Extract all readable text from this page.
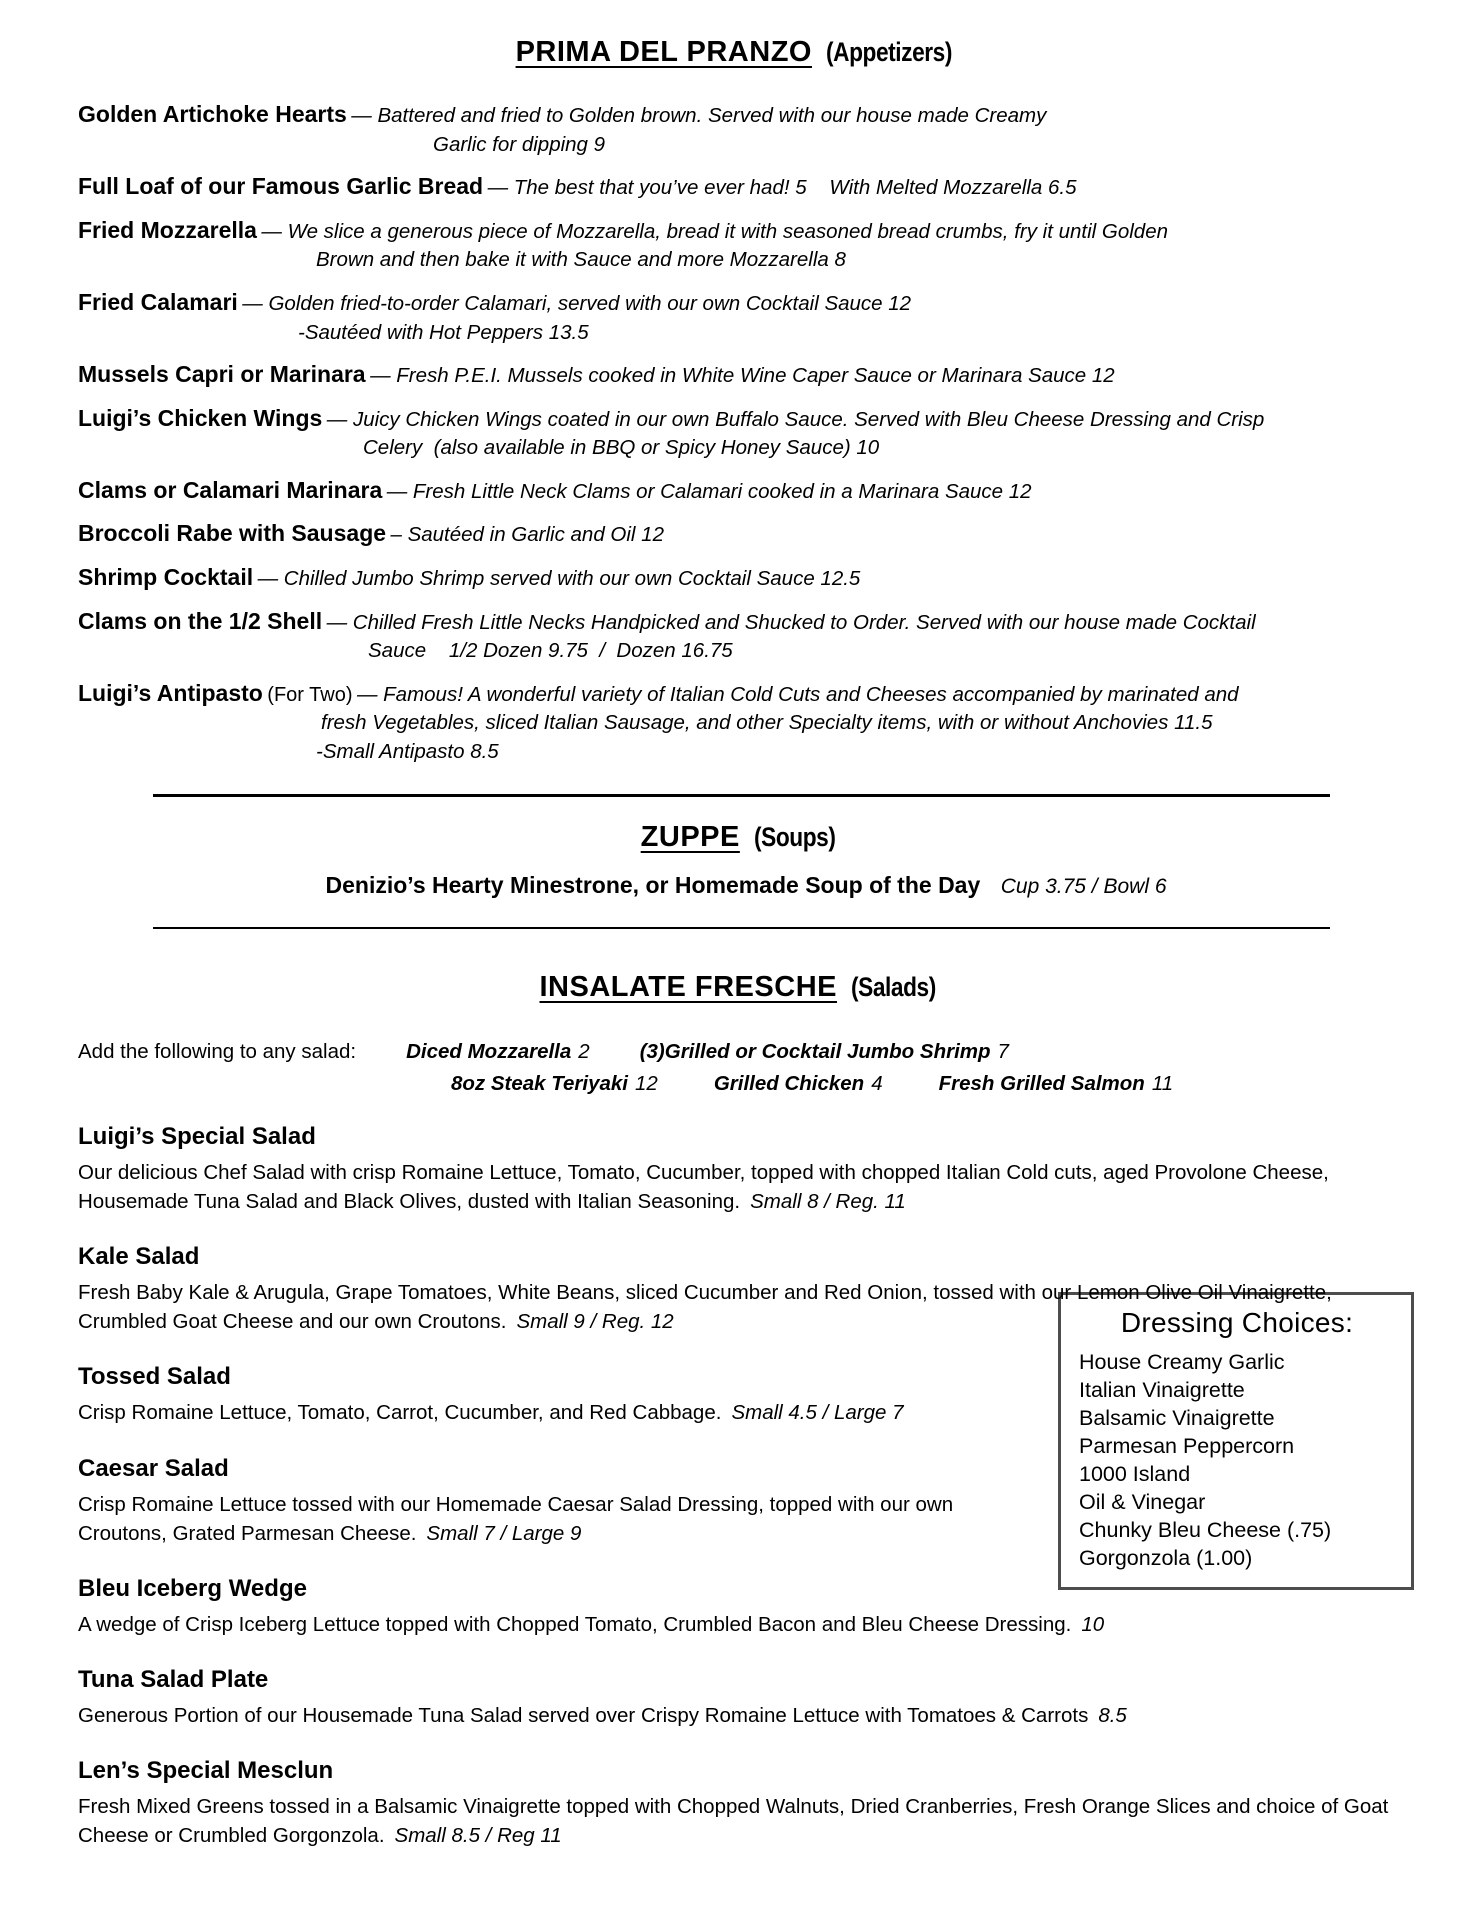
PRIMA DEL PRANZO (Appetizers)
Golden Artichoke Hearts — Battered and fried to Golden brown. Served with our house made Creamy
Garlic for dipping 9
Full Loaf of our Famous Garlic Bread — The best that you’ve ever had! 5    With Melted Mozzarella 6.5
Fried Mozzarella — We slice a generous piece of Mozzarella, bread it with seasoned bread crumbs, fry it until Golden
Brown and then bake it with Sauce and more Mozzarella 8
Fried Calamari — Golden fried-to-order Calamari, served with our own Cocktail Sauce 12
-Sautéed with Hot Peppers 13.5
Mussels Capri or Marinara — Fresh P.E.I. Mussels cooked in White Wine Caper Sauce or Marinara Sauce 12
Luigi’s Chicken Wings — Juicy Chicken Wings coated in our own Buffalo Sauce. Served with Bleu Cheese Dressing and Crisp
Celery  (also available in BBQ or Spicy Honey Sauce) 10
Clams or Calamari Marinara — Fresh Little Neck Clams or Calamari cooked in a Marinara Sauce 12
Broccoli Rabe with Sausage – Sautéed in Garlic and Oil 12
Shrimp Cocktail — Chilled Jumbo Shrimp served with our own Cocktail Sauce 12.5
Clams on the 1/2 Shell — Chilled Fresh Little Necks Handpicked and Shucked to Order. Served with our house made Cocktail
Sauce    1/2 Dozen 9.75  /  Dozen 16.75
Luigi’s Antipasto (For Two) — Famous! A wonderful variety of Italian Cold Cuts and Cheeses accompanied by marinated and
fresh Vegetables, sliced Italian Sausage, and other Specialty items, with or without Anchovies 11.5
-Small Antipasto 8.5
ZUPPE (Soups)
Denizio’s Hearty Minestrone, or Homemade Soup of the Day Cup 3.75 / Bowl 6
INSALATE FRESCHE (Salads)
Add the following to any salad: Diced Mozzarella 2 (3)Grilled or Cocktail Jumbo Shrimp 7
8oz Steak Teriyaki 12	Grilled Chicken 4	Fresh Grilled Salmon 11
Luigi’s Special Salad
Our delicious Chef Salad with crisp Romaine Lettuce, Tomato, Cucumber, topped with chopped Italian Cold cuts, aged Provolone Cheese, Housemade Tuna Salad and Black Olives, dusted with Italian Seasoning. Small 8 / Reg. 11
Kale Salad
Fresh Baby Kale & Arugula, Grape Tomatoes, White Beans, sliced Cucumber and Red Onion, tossed with our Lemon Olive Oil Vinaigrette, Crumbled Goat Cheese and our own Croutons. Small 9 / Reg. 12	Dressing Choices:
House Creamy Garlic
Italian Vinaigrette
Balsamic Vinaigrette
Parmesan Peppercorn
1000 Island
Oil & Vinegar
Chunky Bleu Cheese (.75)
Gorgonzola (1.00)
Tossed Salad
Crisp Romaine Lettuce, Tomato, Carrot, Cucumber, and Red Cabbage. Small 4.5 / Large 7
Caesar Salad
Crisp Romaine Lettuce tossed with our Homemade Caesar Salad Dressing, topped with our own Croutons, Grated Parmesan Cheese. Small 7 / Large 9
Bleu Iceberg Wedge
A wedge of Crisp Iceberg Lettuce topped with Chopped Tomato, Crumbled Bacon and Bleu Cheese Dressing. 10
Tuna Salad Plate
Generous Portion of our Housemade Tuna Salad served over Crispy Romaine Lettuce with Tomatoes & Carrots 8.5
Len’s Special Mesclun
Fresh Mixed Greens tossed in a Balsamic Vinaigrette topped with Chopped Walnuts, Dried Cranberries, Fresh Orange Slices and choice of Goat Cheese or Crumbled Gorgonzola. Small 8.5 / Reg 11
